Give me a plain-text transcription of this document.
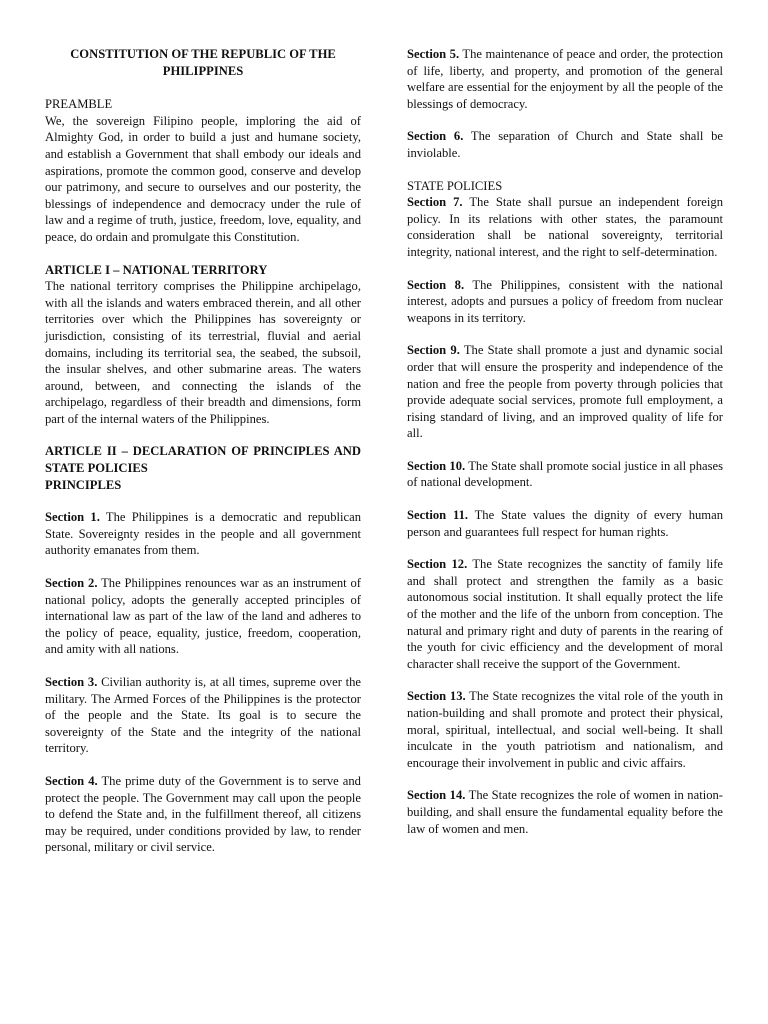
CONSTITUTION OF THE REPUBLIC OF THE PHILIPPINES
PREAMBLE

We, the sovereign Filipino people, imploring the aid of Almighty God, in order to build a just and humane society, and establish a Government that shall embody our ideals and aspirations, promote the common good, conserve and develop our patrimony, and secure to ourselves and our posterity, the blessings of independence and democracy under the rule of law and a regime of truth, justice, freedom, love, equality, and peace, do ordain and promulgate this Constitution.

ARTICLE I – NATIONAL TERRITORY

The national territory comprises the Philippine archipelago, with all the islands and waters embraced therein, and all other territories over which the Philippines has sovereignty or jurisdiction, consisting of its terrestrial, fluvial and aerial domains, including its territorial sea, the seabed, the subsoil, the insular shelves, and other submarine areas. The waters around, between, and connecting the islands of the archipelago, regardless of their breadth and dimensions, form part of the internal waters of the Philippines.

ARTICLE II – DECLARATION OF PRINCIPLES AND STATE POLICIES
PRINCIPLES

Section 1. The Philippines is a democratic and republican State. Sovereignty resides in the people and all government authority emanates from them.

Section 2. The Philippines renounces war as an instrument of national policy, adopts the generally accepted principles of international law as part of the law of the land and adheres to the policy of peace, equality, justice, freedom, cooperation, and amity with all nations.

Section 3. Civilian authority is, at all times, supreme over the military. The Armed Forces of the Philippines is the protector of the people and the State. Its goal is to secure the sovereignty of the State and the integrity of the national territory.

Section 4. The prime duty of the Government is to serve and protect the people. The Government may call upon the people to defend the State and, in the fulfillment thereof, all citizens may be required, under conditions provided by law, to render personal, military or civil service.

Section 5. The maintenance of peace and order, the protection of life, liberty, and property, and promotion of the general welfare are essential for the enjoyment by all the people of the blessings of democracy.

Section 6. The separation of Church and State shall be inviolable.

STATE POLICIES

Section 7. The State shall pursue an independent foreign policy. In its relations with other states, the paramount consideration shall be national sovereignty, territorial integrity, national interest, and the right to self-determination.

Section 8. The Philippines, consistent with the national interest, adopts and pursues a policy of freedom from nuclear weapons in its territory.

Section 9. The State shall promote a just and dynamic social order that will ensure the prosperity and independence of the nation and free the people from poverty through policies that provide adequate social services, promote full employment, a rising standard of living, and an improved quality of life for all.

Section 10. The State shall promote social justice in all phases of national development.

Section 11. The State values the dignity of every human person and guarantees full respect for human rights.

Section 12. The State recognizes the sanctity of family life and shall protect and strengthen the family as a basic autonomous social institution. It shall equally protect the life of the mother and the life of the unborn from conception. The natural and primary right and duty of parents in the rearing of the youth for civic efficiency and the development of moral character shall receive the support of the Government.

Section 13. The State recognizes the vital role of the youth in nation-building and shall promote and protect their physical, moral, spiritual, intellectual, and social well-being. It shall inculcate in the youth patriotism and nationalism, and encourage their involvement in public and civic affairs.

Section 14. The State recognizes the role of women in nation-building, and shall ensure the fundamental equality before the law of women and men.
